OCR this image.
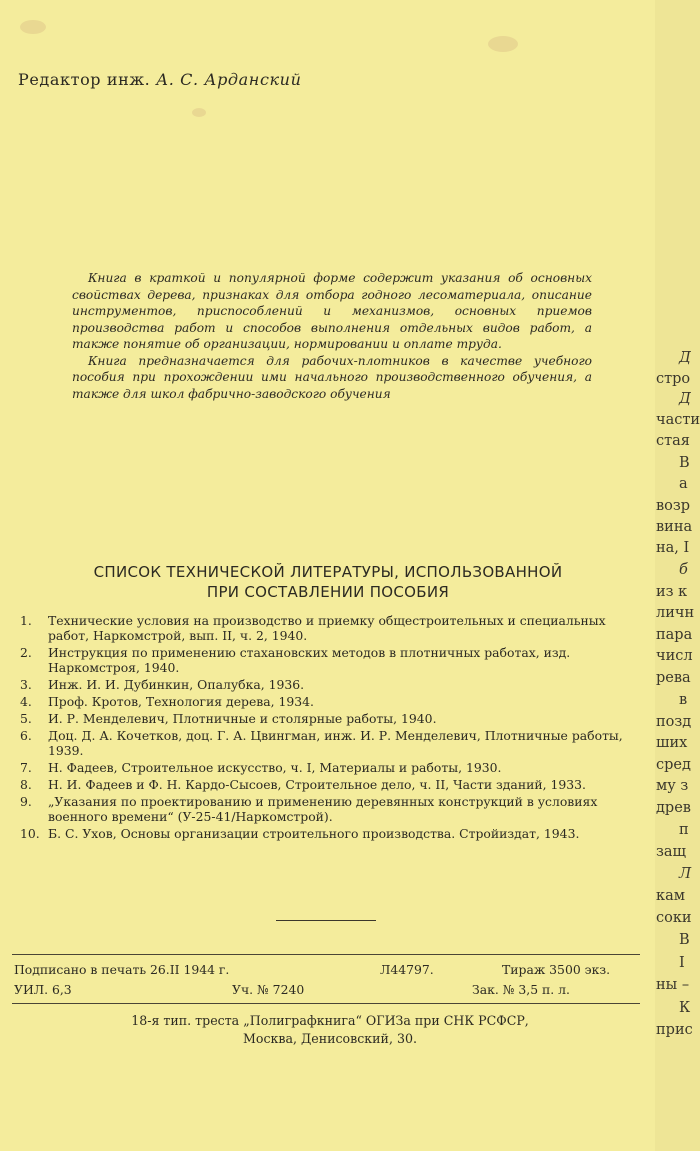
Редактор инж. А. С. Арданский

Книга в краткой и популярной форме содержит указания об основных свойствах дерева, признаках для отбора годного лесоматериала, описание инструментов, приспособлений и механизмов, основных приемов производства работ и способов выполнения отдельных видов работ, а также понятие об организации, нормировании и оплате труда.

Книга предназначается для рабочих-плотников в качестве учебного пособия при прохождении ими начального производственного обучения, а также для школ фабрично-заводского обучения

СПИСОК ТЕХНИЧЕСКОЙ ЛИТЕРАТУРЫ, ИСПОЛЬЗОВАННОЙ
ПРИ СОСТАВЛЕНИИ ПОСОБИЯ
1.	Технические условия на производство и приемку общестроительных и специальных работ, Наркомстрой, вып. II, ч. 2, 1940.
2.	Инструкция по применению стахановских методов в плотничных работах, изд. Наркомстроя, 1940.
3.	Инж. И. И. Дубинкин, Опалубка, 1936.
4.	Проф. Кротов, Технология дерева, 1934.
5.	И. Р. Менделевич, Плотничные и столярные работы, 1940.
6.	Доц. Д. А. Кочетков, доц. Г. А. Цвингман, инж. И. Р. Менделевич, Плотничные работы, 1939.
7.	Н. Фадеев, Строительное искусство, ч. I, Материалы и работы, 1930.
8.	Н. И. Фадеев и Ф. Н. Кардо-Сысоев, Строительное дело, ч. II, Части зданий, 1933.
9.	„Указания по проектированию и применению деревянных конструкций в условиях военного времени“ (У-25-41/Наркомстрой).
10. Б. С. Ухов, Основы организации строительного производства. Стройиздат, 1943.
Подписано в печать 26.II 1944 г.	Л44797.	Тираж 3500 экз.
УИЛ. 6,3	Уч. № 7240	Зак. № 3,5 п. л.
18-я тип. треста „Полиграфкнига“ ОГИЗа при СНК РСФСР,
Москва, Денисовский, 30.
Д
стро
Д
части
стая
В
а
возр
вина
на, I
б
из к
личн
пара
числ
рева
в
позд
ших
сред
му з
древ
п
защ
Л
кам
соки
В
I
ны –
К
прис
